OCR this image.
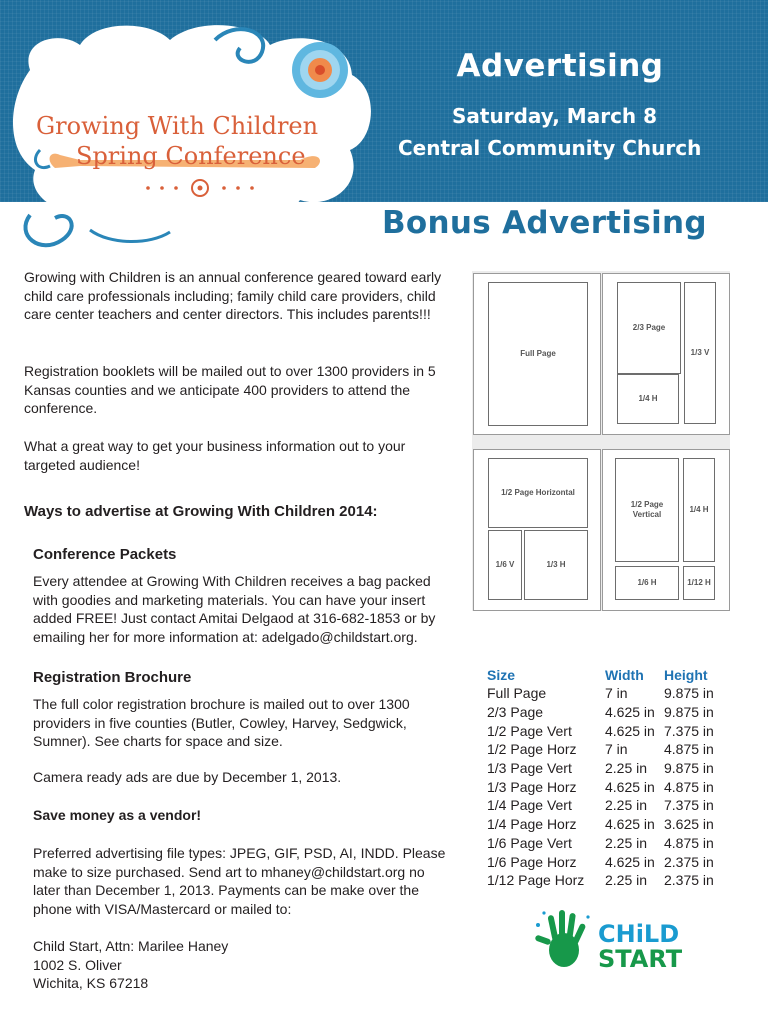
Growing With Children
Spring Conference
Advertising
Saturday, March 8
Central Community Church
Bonus Advertising
Growing with Children is an annual conference geared toward early child care professionals including; family child care providers, child care center teachers and center directors. This includes parents!!!
Registration booklets will be mailed out to over 1300 providers in 5 Kansas counties and we anticipate 400 providers to attend the conference.
What a great way to get your business information out to your targeted audience!
Ways to advertise at Growing With Children 2014:
Conference Packets
Every attendee at Growing With Children receives a bag packed with goodies and marketing materials. You can have your insert added FREE! Just contact Amitai Delgaod at 316-682-1853 or by emailing her for more information at: adelgado@childstart.org.
Registration Brochure
The full color registration brochure is mailed out to over 1300 providers in five counties (Butler, Cowley, Harvey, Sedgwick, Sumner). See charts for space and size.
Camera ready ads are due by December 1, 2013.
Save money as a vendor!
Preferred advertising file types: JPEG, GIF, PSD, AI, INDD. Please make to size purchased. Send art to mhaney@childstart.org no later than December 1, 2013. Payments can be make over the phone with VISA/Mastercard or mailed to:
Child Start, Attn: Marilee Haney
1002 S. Oliver
Wichita, KS 67218
Full Page
2/3 Page
1/4 H
1/3 V
1/2 Page Horizontal
1/6 V	1/3 H
1/2 Page Vertical
1/4 H
1/6 H	1/12 H
Size	Width	Height
Full Page	7 in	9.875 in
2/3 Page	4.625 in	9.875 in
1/2 Page Vert	4.625 in	7.375 in
1/2 Page Horz	7 in	4.875 in
1/3 Page Vert	2.25 in	9.875 in
1/3 Page Horz	4.625 in	4.875 in
1/4 Page Vert	2.25 in	7.375 in
1/4 Page Horz	4.625 in	3.625 in
1/6 Page Vert	2.25 in	4.875 in
1/6 Page Horz	4.625 in	2.375 in
1/12 Page Horz	2.25 in	2.375 in
CHiLD
START
